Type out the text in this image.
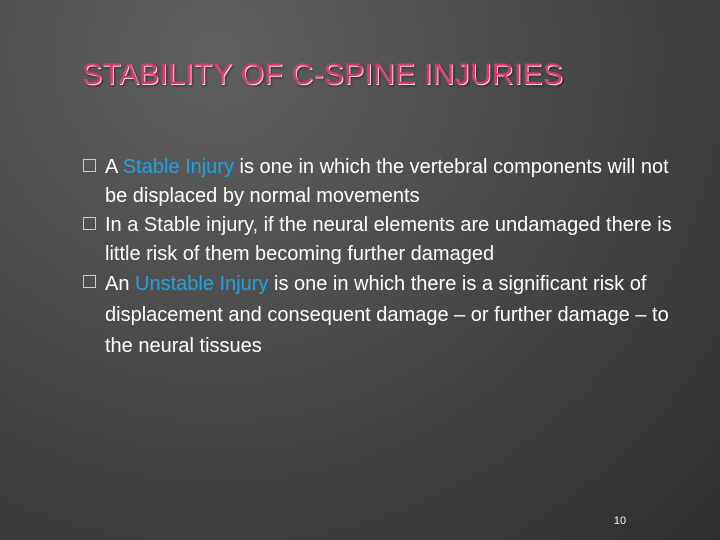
STABILITY OF C-SPINE INJURIES
A Stable Injury is one in which the vertebral components will not be displaced by normal movements
In a Stable injury, if the neural elements are undamaged there is little risk of them becoming further damaged
An Unstable Injury is one in which there is a significant risk of displacement and consequent damage – or further damage – to the neural tissues
10
